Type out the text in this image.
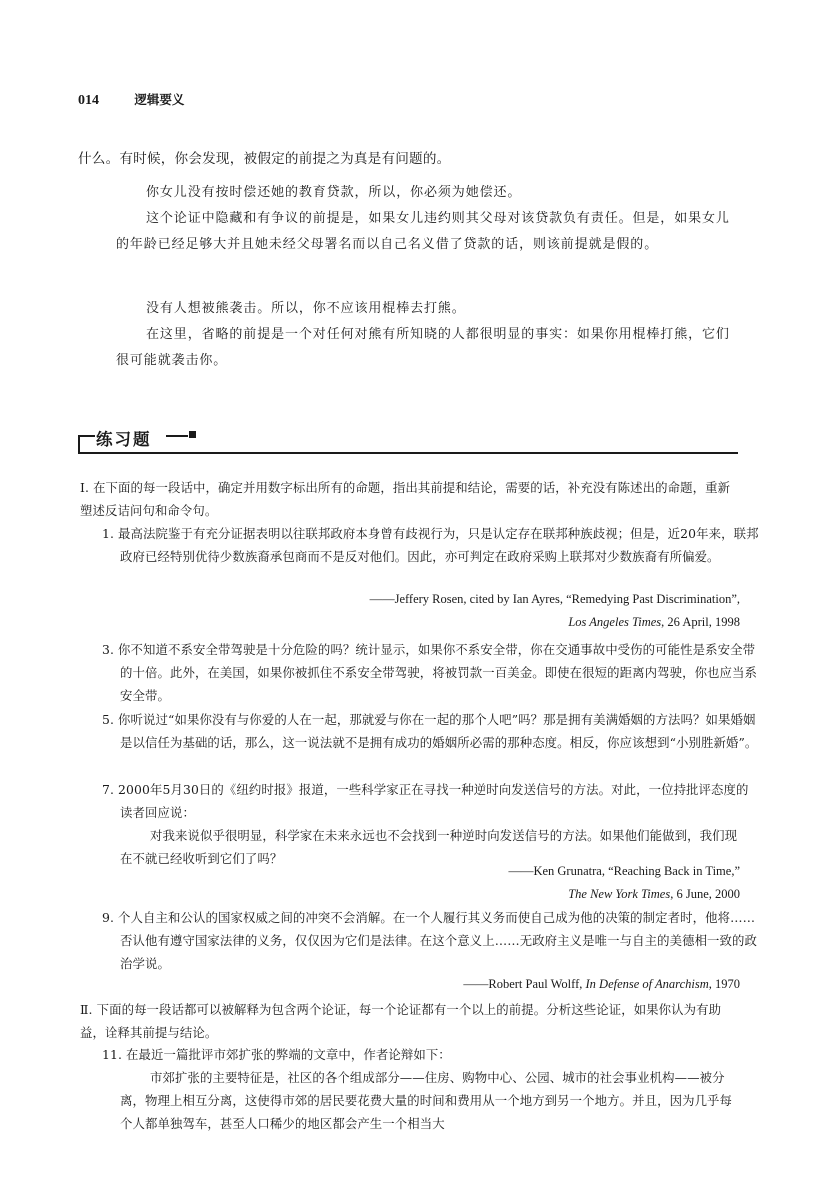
014	逻辑要义

什么。有时候，你会发现，被假定的前提之为真是有问题的。

你女儿没有按时偿还她的教育贷款，所以，你必须为她偿还。

这个论证中隐藏和有争议的前提是，如果女儿违约则其父母对该贷款负有责任。但是，如果女儿的年龄已经足够大并且她未经父母署名而以自己名义借了贷款的话，则该前提就是假的。

没有人想被熊袭击。所以，你不应该用棍棒去打熊。

在这里，省略的前提是一个对任何对熊有所知晓的人都很明显的事实：如果你用棍棒打熊，它们很可能就袭击你。

练习题

Ⅰ. 在下面的每一段话中，确定并用数字标出所有的命题，指出其前提和结论，需要的话，补充没有陈述出的命题，重新塑述反诘问句和命令句。

1. 最高法院鉴于有充分证据表明以往联邦政府本身曾有歧视行为，只是认定存在联邦种族歧视；但是，近20年来，联邦政府已经特别优待少数族裔承包商而不是反对他们。因此，亦可判定在政府采购上联邦对少数族裔有所偏爱。

——Jeffery Rosen, cited by Ian Ayres, “Remedying Past Discrimination”,
Los Angeles Times, 26 April, 1998

3. 你不知道不系安全带驾驶是十分危险的吗？统计显示，如果你不系安全带，你在交通事故中受伤的可能性是系安全带的十倍。此外，在美国，如果你被抓住不系安全带驾驶，将被罚款一百美金。即使在很短的距离内驾驶，你也应当系安全带。

5. 你听说过“如果你没有与你爱的人在一起，那就爱与你在一起的那个人吧”吗？那是拥有美满婚姻的方法吗？如果婚姻是以信任为基础的话，那么，这一说法就不是拥有成功的婚姻所必需的那种态度。相反，你应该想到“小别胜新婚”。

7. 2000年5月30日的《纽约时报》报道，一些科学家正在寻找一种逆时向发送信号的方法。对此，一位持批评态度的读者回应说：

对我来说似乎很明显，科学家在未来永远也不会找到一种逆时向发送信号的方法。如果他们能做到，我们现在不就已经收听到它们了吗？

——Ken Grunatra, “Reaching Back in Time,”
The New York Times, 6 June, 2000

9. 个人自主和公认的国家权威之间的冲突不会消解。在一个人履行其义务而使自己成为他的决策的制定者时，他将……否认他有遵守国家法律的义务，仅仅因为它们是法律。在这个意义上……无政府主义是唯一与自主的美德相一致的政治学说。

——Robert Paul Wolff, In Defense of Anarchism, 1970

Ⅱ. 下面的每一段话都可以被解释为包含两个论证，每一个论证都有一个以上的前提。分析这些论证，如果你认为有助益，诠释其前提与结论。

11. 在最近一篇批评市郊扩张的弊端的文章中，作者论辩如下：

市郊扩张的主要特征是，社区的各个组成部分——住房、购物中心、公园、城市的社会事业机构——被分离，物理上相互分离，这使得市郊的居民要花费大量的时间和费用从一个地方到另一个地方。并且，因为几乎每个人都单独驾车，甚至人口稀少的地区都会产生一个相当大
